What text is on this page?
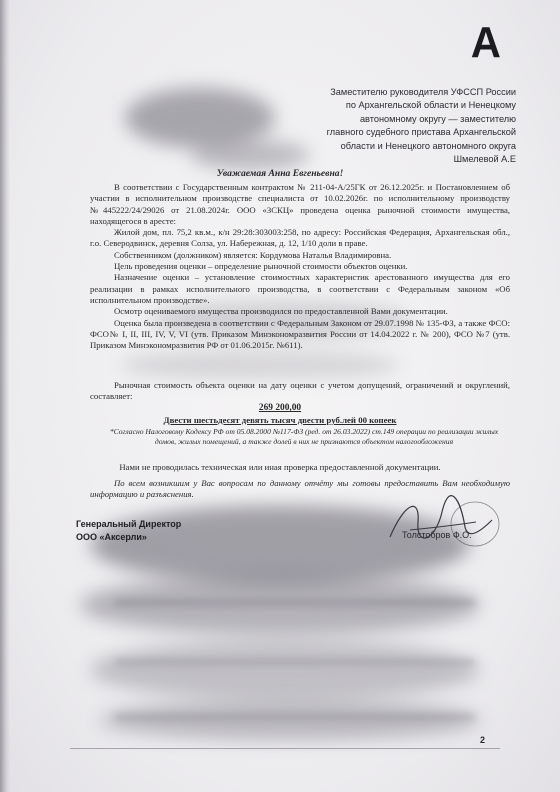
А
Заместителю руководителя УФССП России
по Архангельской области и Ненецкому
автономному округу — заместителю
главного судебного пристава Архангельской
области и Ненецкого автономного округа
Шмелевой А.Е
Уважаемая Анна Евгеньевна!

В соответствии с Государственным контрактом № 211-04-А/25ГК от 26.12.2025г. и Постановлением об участии в исполнительном производстве специалиста от 10.02.2026г. по исполнительному производству №445222/24/29026 от 21.08.2024г. ООО «ЗСКЦ» проведена оценка рыночной стоимости имущества, находящегося в аресте:

Жилой дом, пл. 75,2 кв.м., к/н 29:28:303003:258, по адресу: Российская Федерация, Архангельская обл., г.о. Северодвинск, деревня Солза, ул. Набережная, д. 12, 1/10 доли в праве.

Собственником (должником) является: Кордумова Наталья Владимировна.

Цель проведения оценки – определение рыночной стоимости объектов оценки.

Назначение оценки – установление стоимостных характеристик арестованного имущества для его реализации в рамках исполнительного производства, в соответствии с Федеральным законом «Об исполнительном производстве».

Осмотр оцениваемого имущества производился по предоставленной Вами документации.

Оценка была произведена в соответствии с Федеральным Законом от 29.07.1998 № 135-ФЗ, а также ФСО: ФСО№ I, II, III, IV, V, VI (утв. Приказом Минэкономразвития России от 14.04.2022 г. № 200), ФСО №7 (утв. Приказом Минэкономразвития РФ от 01.06.2015г. №611).

Рыночная стоимость объекта оценки на дату оценки с учетом допущений, ограничений и округлений, составляет:

269 200,00
Двести шестьдесят девять тысяч двести руб.лей 00 копеек
*Согласно Налоговому Кодексу РФ от 05.08.2000 №117-ФЗ (ред. от 26.03.2022) ст.149 операции по реализации жилых домов, жилых помещений, а также долей в них не признаются объектом налогообложения
Нами не проводилась техническая или иная проверка предоставленной документации.

По всем возникшим у Вас вопросам по данному отчёту мы готовы предоставить Вам необходимую информацию и разъяснения.

Генеральный Директор
ООО «Аксерли»	Толстобров Ф.О.
2
